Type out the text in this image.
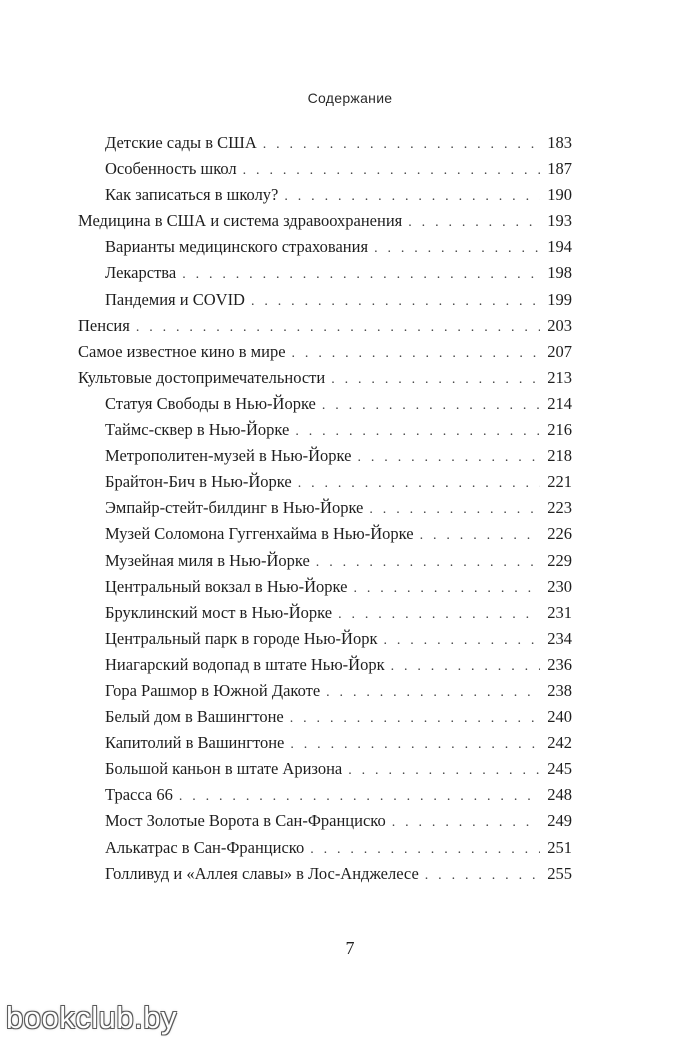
Содержание
Детские сады в США . . .	183
Особенность школ . . .	187
Как записаться в школу? . . .	190
Медицина в США и система здравоохранения . . .	193
Варианты медицинского страхования . . .	194
Лекарства . . .	198
Пандемия и COVID . . .	199
Пенсия . . .	203
Самое известное кино в мире . . .	207
Культовые достопримечательности . . .	213
Статуя Свободы в Нью-Йорке . . .	214
Таймс-сквер в Нью-Йорке . . .	216
Метрополитен-музей в Нью-Йорке . . .	218
Брайтон-Бич в Нью-Йорке . . .	221
Эмпайр-стейт-билдинг в Нью-Йорке . . .	223
Музей Соломона Гуггенхайма в Нью-Йорке . . .	226
Музейная миля в Нью-Йорке . . .	229
Центральный вокзал в Нью-Йорке . . .	230
Бруклинский мост в Нью-Йорке . . .	231
Центральный парк в городе Нью-Йорк . . .	234
Ниагарский водопад в штате Нью-Йорк . . .	236
Гора Рашмор в Южной Дакоте . . .	238
Белый дом в Вашингтоне . . .	240
Капитолий в Вашингтоне . . .	242
Большой каньон в штате Аризона . . .	245
Трасса 66 . . .	248
Мост Золотые Ворота в Сан-Франциско . . .	249
Алькатрас в Сан-Франциско . . .	251
Голливуд и «Аллея славы» в Лос-Анджелесе . . .	255
7
bookclub.by
